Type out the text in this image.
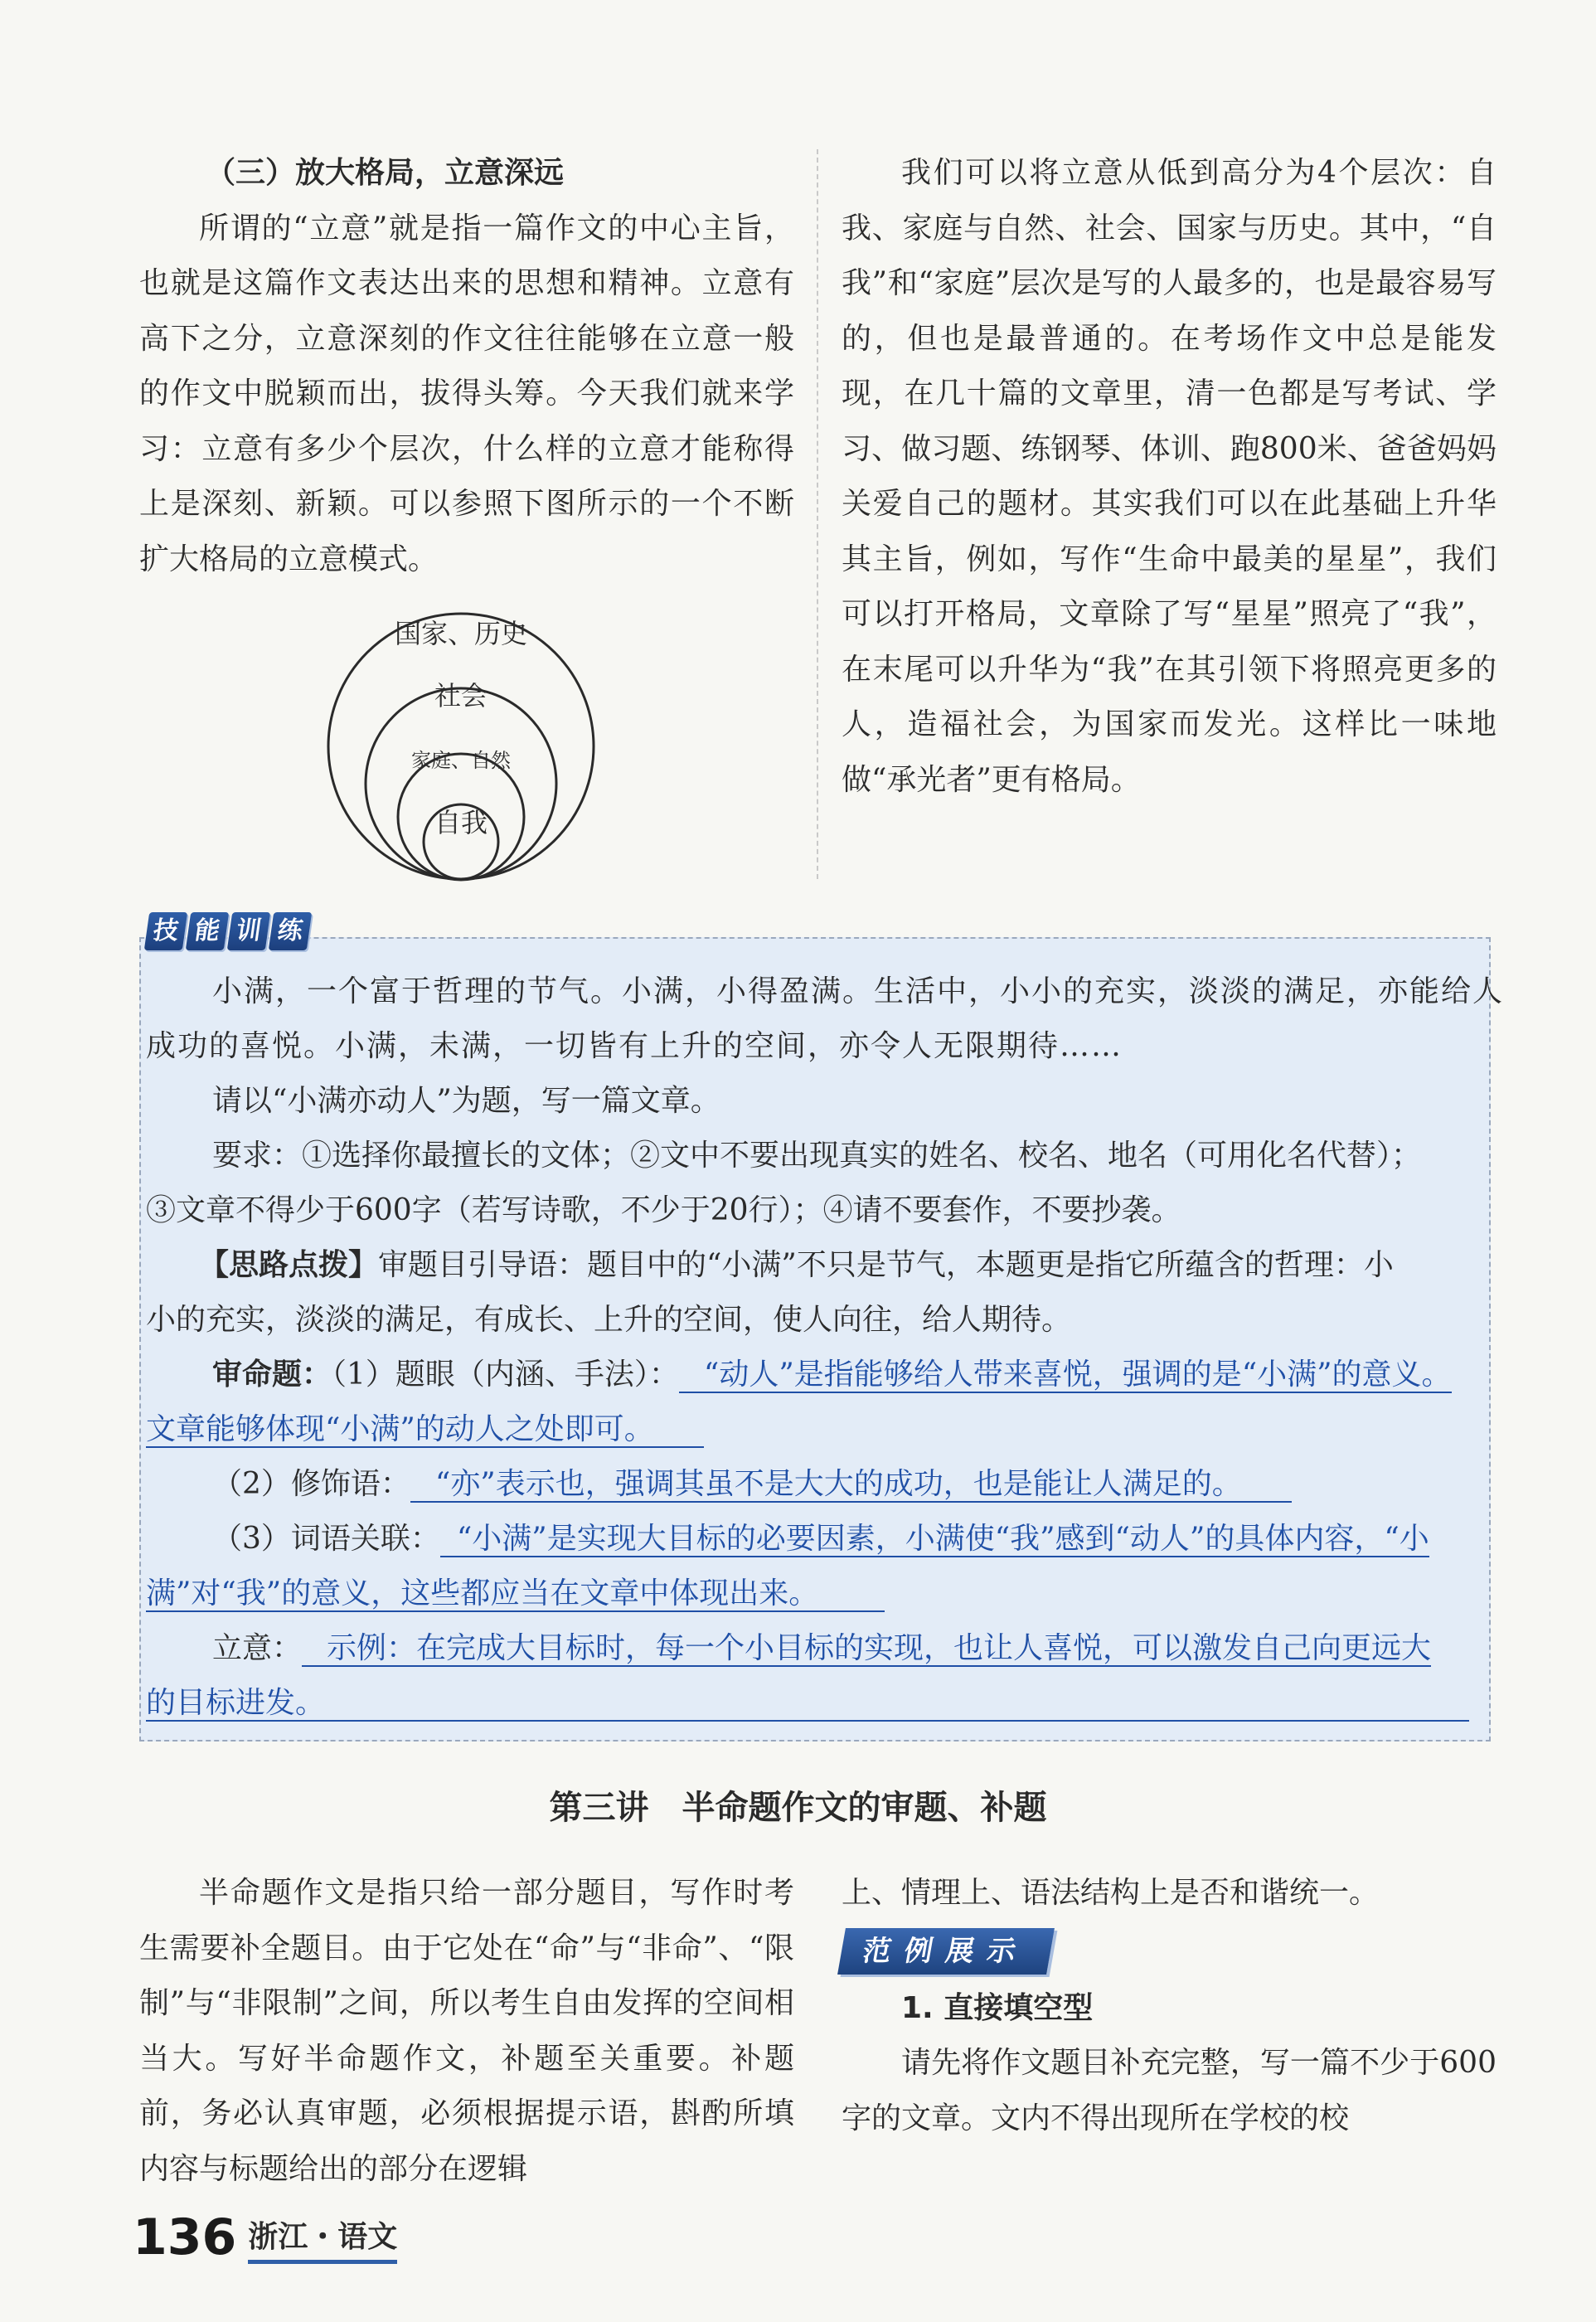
（三）放大格局，立意深远

所谓的“立意”就是指一篇作文的中心主旨，也就是这篇作文表达出来的思想和精神。立意有高下之分，立意深刻的作文往往能够在立意一般的作文中脱颖而出，拔得头筹。今天我们就来学习：立意有多少个层次，什么样的立意才能称得上是深刻、新颖。可以参照下图所示的一个不断扩大格局的立意模式。

国家、历史
社会
家庭、自然
自我

我们可以将立意从低到高分为4个层次：自我、家庭与自然、社会、国家与历史。其中，“自我”和“家庭”层次是写的人最多的，也是最容易写的，但也是最普通的。在考场作文中总是能发现，在几十篇的文章里，清一色都是写考试、学习、做习题、练钢琴、体训、跑800米、爸爸妈妈关爱自己的题材。其实我们可以在此基础上升华其主旨，例如，写作“生命中最美的星星”，我们可以打开格局，文章除了写“星星”照亮了“我”，在末尾可以升华为“我”在其引领下将照亮更多的人，造福社会，为国家而发光。这样比一味地做“承光者”更有格局。

技 能 训 练
小满，一个富于哲理的节气。小满，小得盈满。生活中，小小的充实，淡淡的满足，亦能给人
成功的喜悦。小满，未满，一切皆有上升的空间，亦令人无限期待……
请以“小满亦动人”为题，写一篇文章。
要求：①选择你最擅长的文体；②文中不要出现真实的姓名、校名、地名（可用化名代替）；
③文章不得少于600字（若写诗歌，不少于20行）；④请不要套作，不要抄袭。
【思路点拨】审题目引导语：题目中的“小满”不只是节气，本题更是指它所蕴含的哲理：小
小的充实，淡淡的满足，有成长、上升的空间，使人向往，给人期待。
审命题：（1）题眼（内涵、手法）： “动人”是指能够给人带来喜悦，强调的是“小满”的意义。
文章能够体现“小满”的动人之处即可。
（2）修饰语： “亦”表示也，强调其虽不是大大的成功，也是能让人满足的。
（3）词语关联： “小满”是实现大目标的必要因素，小满使“我”感到“动人”的具体内容，“小
满”对“我”的意义，这些都应当在文章中体现出来。
立意： 示例：在完成大目标时，每一个小目标的实现，也让人喜悦，可以激发自己向更远大
的目标进发。
第三讲　半命题作文的审题、补题

半命题作文是指只给一部分题目，写作时考生需要补全题目。由于它处在“命”与“非命”、“限制”与“非限制”之间，所以考生自由发挥的空间相当大。写好半命题作文，补题至关重要。补题前，务必认真审题，必须根据提示语，斟酌所填内容与标题给出的部分在逻辑

上、情理上、语法结构上是否和谐统一。

范例展示

1. 直接填空型

请先将作文题目补充完整，写一篇不少于600字的文章。文内不得出现所在学校的校

136 浙江・语文
